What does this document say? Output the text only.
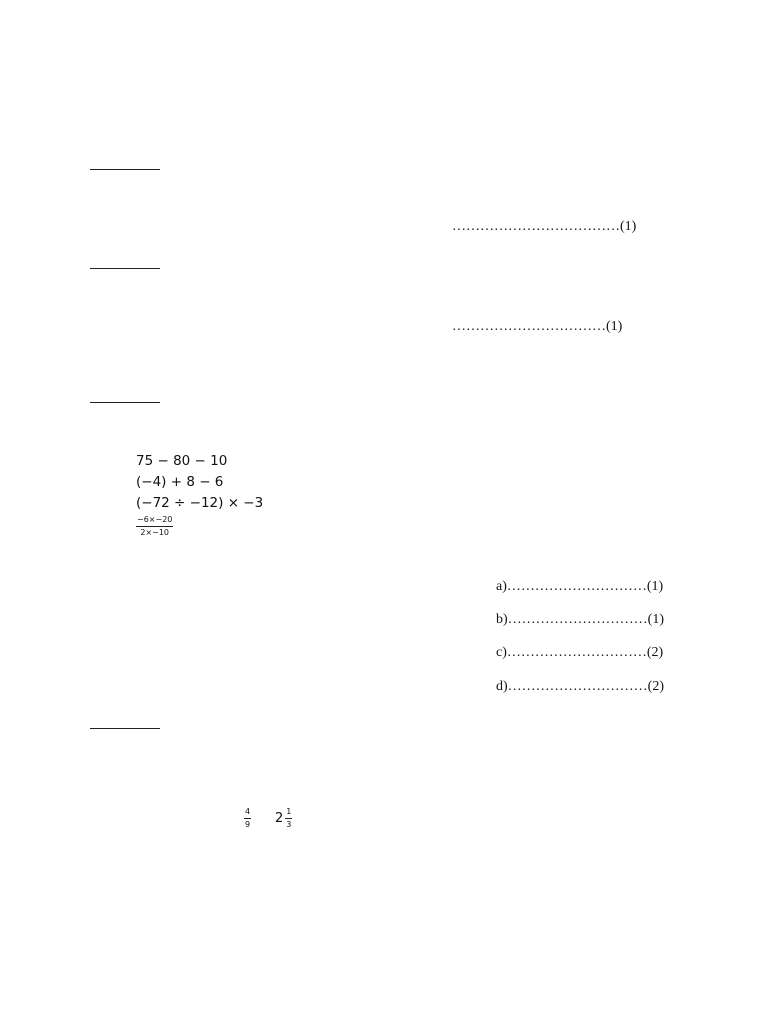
………………………………(1)
……………………………(1)
75 − 80 − 10
(−4) + 8 − 6
(−72 ÷ −12) × −3
$\frac{-6\times-20}{2\times-10}$
a)…………………………(1)
b)…………………………(1)
c)…………………………(2)
d)…………………………(2)
$\frac{4}{9} 2 \frac{1}{3}$
